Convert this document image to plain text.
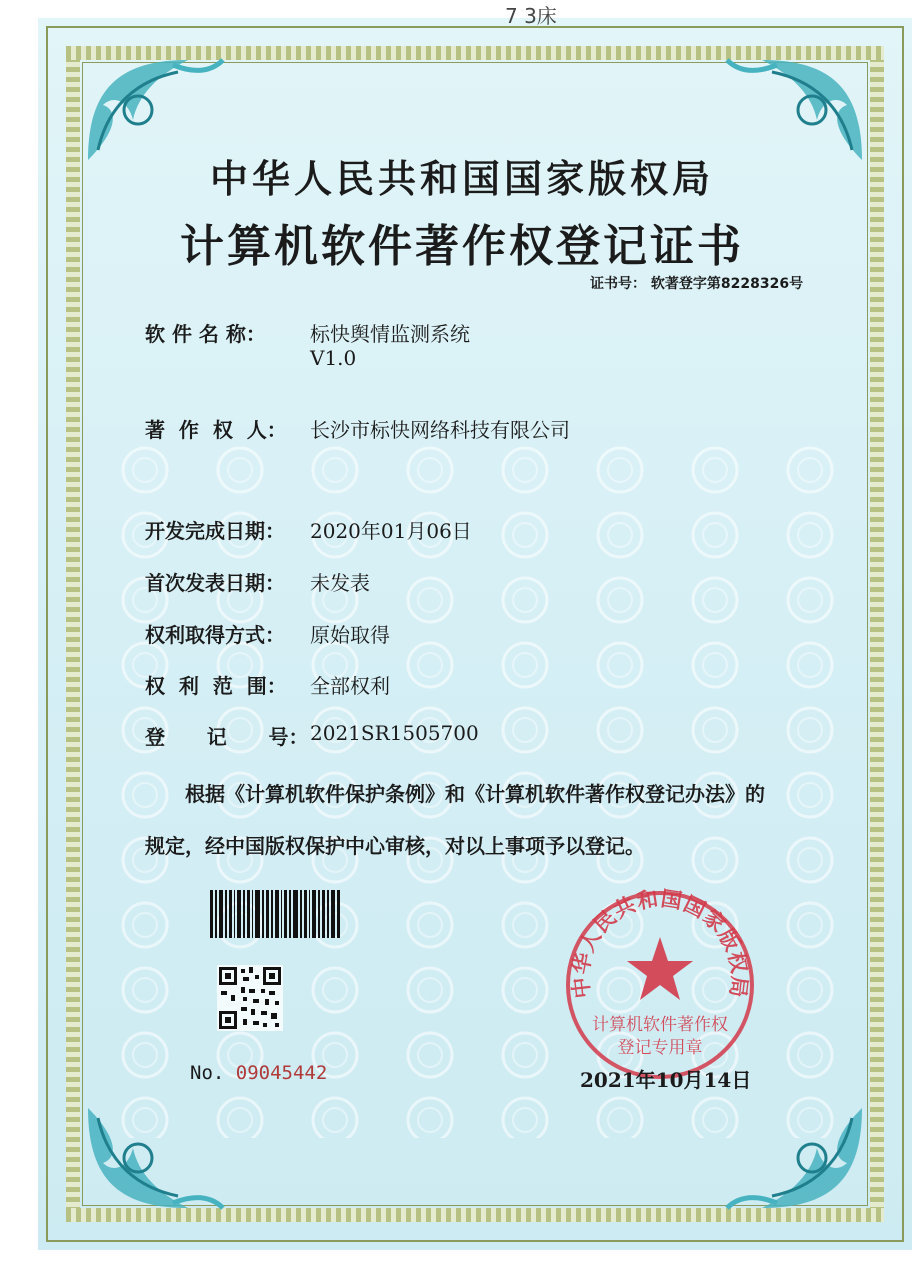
7 3床
中华人民共和国国家版权局
计算机软件著作权登记证书
证书号： 软著登字第8228326号
软 件 名 称：	标快舆情监测系统
V1.0
著  作  权  人：	长沙市标快网络科技有限公司
开发完成日期：	2020年01月06日
首次发表日期：	未发表
权利取得方式：	原始取得
权  利  范  围：	全部权利
登      记      号： 2021SR1505700
根据《计算机软件保护条例》和《计算机软件著作权登记办法》的
规定，经中国版权保护中心审核，对以上事项予以登记。
No. 09045442
中华人民共和国国家版权局
计算机软件著作权
登记专用章
2021年10月14日
